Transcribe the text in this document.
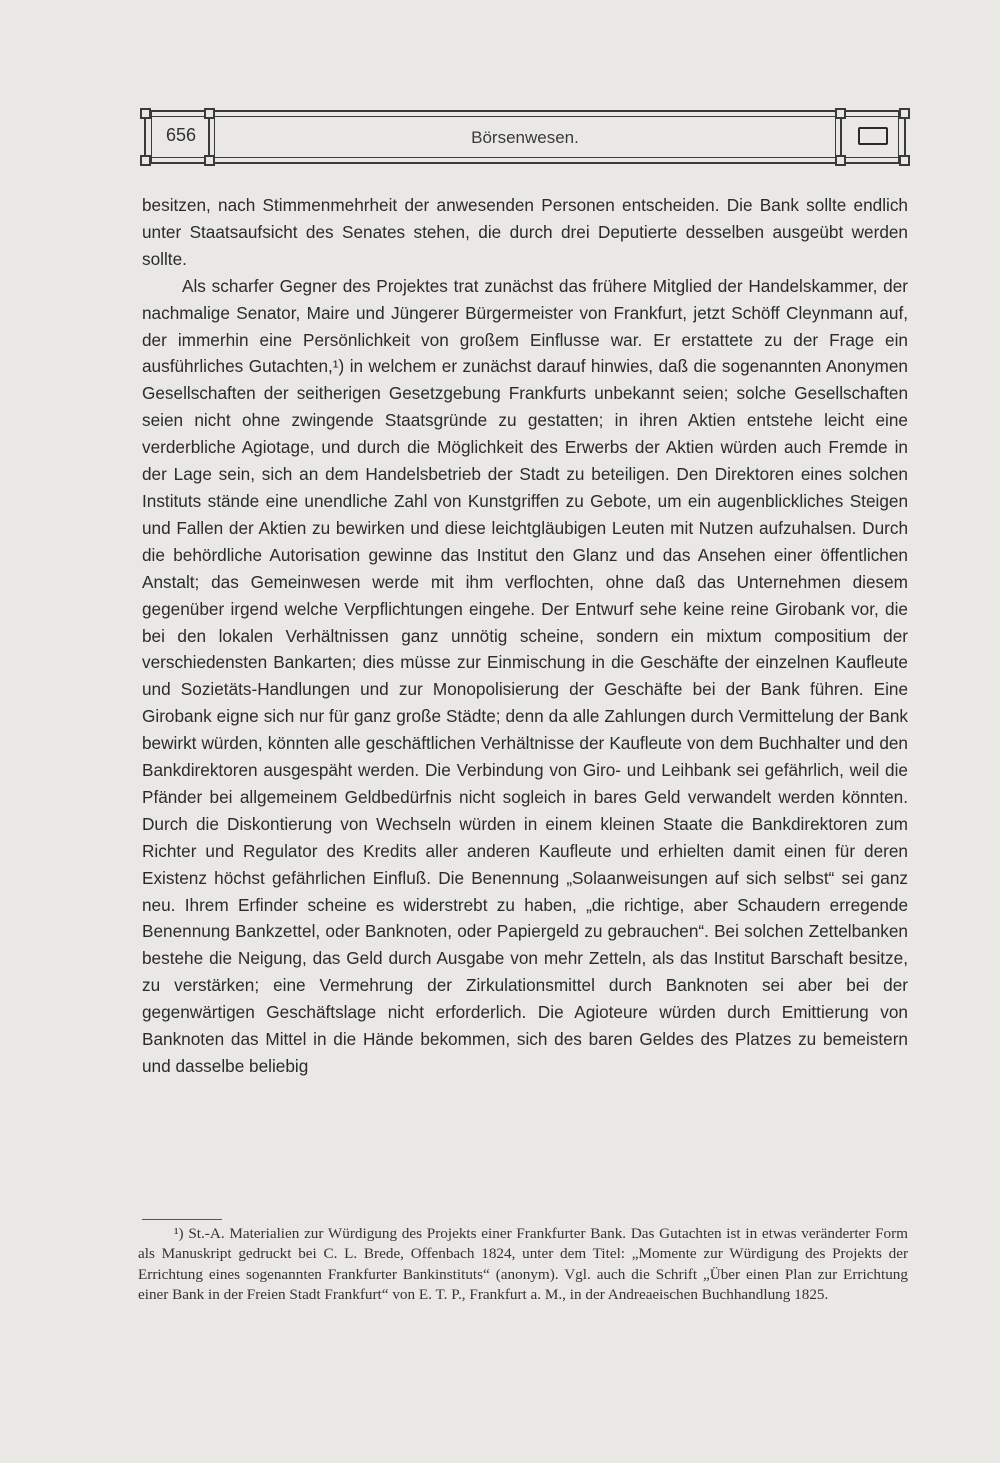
656	Börsenwesen.

besitzen, nach Stimmenmehrheit der anwesenden Personen entscheiden. Die Bank sollte endlich unter Staatsaufsicht des Senates stehen, die durch drei Deputierte desselben ausgeübt werden sollte.

Als scharfer Gegner des Projektes trat zunächst das frühere Mitglied der Handelskammer, der nachmalige Senator, Maire und Jüngerer Bürgermeister von Frankfurt, jetzt Schöff Cleynmann auf, der immerhin eine Persönlichkeit von großem Einflusse war. Er erstattete zu der Frage ein ausführliches Gutachten,¹) in welchem er zunächst darauf hinwies, daß die sogenannten Anonymen Gesellschaften der seitherigen Gesetzgebung Frankfurts unbekannt seien; solche Gesellschaften seien nicht ohne zwingende Staatsgründe zu gestatten; in ihren Aktien entstehe leicht eine verderbliche Agiotage, und durch die Möglichkeit des Erwerbs der Aktien würden auch Fremde in der Lage sein, sich an dem Handelsbetrieb der Stadt zu beteiligen. Den Direktoren eines solchen Instituts stände eine unendliche Zahl von Kunstgriffen zu Gebote, um ein augenblickliches Steigen und Fallen der Aktien zu bewirken und diese leichtgläubigen Leuten mit Nutzen aufzuhalsen. Durch die behördliche Autorisation gewinne das Institut den Glanz und das Ansehen einer öffentlichen Anstalt; das Gemeinwesen werde mit ihm verflochten, ohne daß das Unternehmen diesem gegenüber irgend welche Verpflichtungen eingehe. Der Entwurf sehe keine reine Girobank vor, die bei den lokalen Verhältnissen ganz unnötig scheine, sondern ein mixtum compositium der verschiedensten Bankarten; dies müsse zur Einmischung in die Geschäfte der einzelnen Kaufleute und Sozietäts-Handlungen und zur Monopolisierung der Geschäfte bei der Bank führen. Eine Girobank eigne sich nur für ganz große Städte; denn da alle Zahlungen durch Vermittelung der Bank bewirkt würden, könnten alle geschäftlichen Verhältnisse der Kaufleute von dem Buchhalter und den Bankdirektoren ausgespäht werden. Die Verbindung von Giro- und Leihbank sei gefährlich, weil die Pfänder bei allgemeinem Geldbedürfnis nicht sogleich in bares Geld verwandelt werden könnten. Durch die Diskontierung von Wechseln würden in einem kleinen Staate die Bankdirektoren zum Richter und Regulator des Kredits aller anderen Kaufleute und erhielten damit einen für deren Existenz höchst gefährlichen Einfluß. Die Benennung „Solaanweisungen auf sich selbst“ sei ganz neu. Ihrem Erfinder scheine es widerstrebt zu haben, „die richtige, aber Schaudern erregende Benennung Bankzettel, oder Banknoten, oder Papiergeld zu gebrauchen“. Bei solchen Zettelbanken bestehe die Neigung, das Geld durch Ausgabe von mehr Zetteln, als das Institut Barschaft besitze, zu verstärken; eine Vermehrung der Zirkulationsmittel durch Banknoten sei aber bei der gegenwärtigen Geschäftslage nicht erforderlich. Die Agioteure würden durch Emittierung von Banknoten das Mittel in die Hände bekommen, sich des baren Geldes des Platzes zu bemeistern und dasselbe beliebig

¹) St.-A. Materialien zur Würdigung des Projekts einer Frankfurter Bank. Das Gutachten ist in etwas veränderter Form als Manuskript gedruckt bei C. L. Brede, Offenbach 1824, unter dem Titel: „Momente zur Würdigung des Projekts der Errichtung eines sogenannten Frankfurter Bankinstituts“ (anonym). Vgl. auch die Schrift „Über einen Plan zur Errichtung einer Bank in der Freien Stadt Frankfurt“ von E. T. P., Frankfurt a. M., in der Andreaeischen Buchhandlung 1825.
